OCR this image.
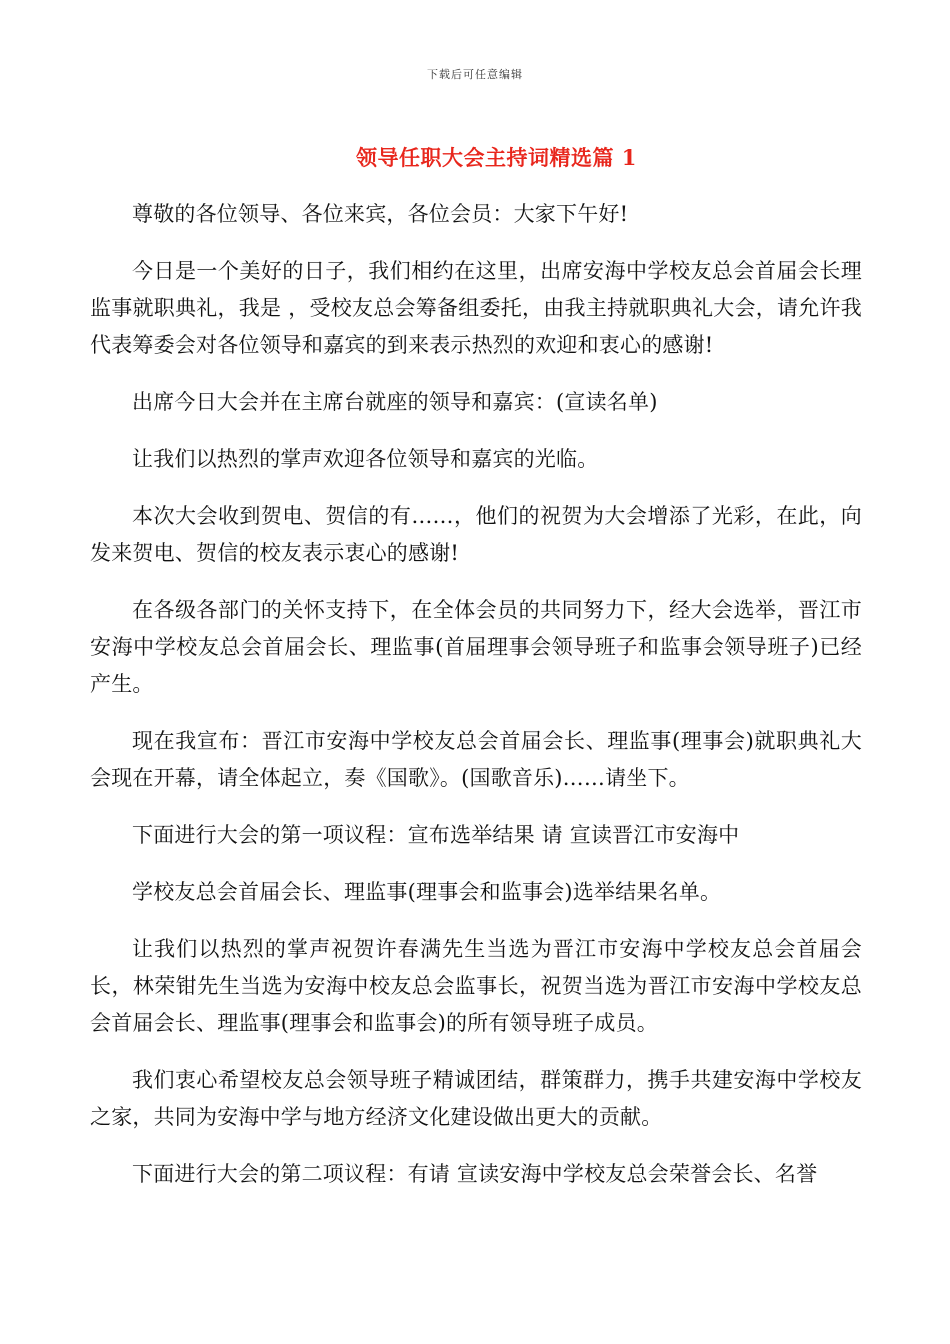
下载后可任意编辑
领导任职大会主持词精选篇 1

尊敬的各位领导、各位来宾，各位会员：大家下午好!

今日是一个美好的日子，我们相约在这里，出席安海中学校友总会首届会长理监事就职典礼，我是 ，受校友总会筹备组委托，由我主持就职典礼大会，请允许我代表筹委会对各位领导和嘉宾的到来表示热烈的欢迎和衷心的感谢!

出席今日大会并在主席台就座的领导和嘉宾：(宣读名单)

让我们以热烈的掌声欢迎各位领导和嘉宾的光临。

本次大会收到贺电、贺信的有……，他们的祝贺为大会增添了光彩，在此，向发来贺电、贺信的校友表示衷心的感谢!

在各级各部门的关怀支持下，在全体会员的共同努力下，经大会选举，晋江市安海中学校友总会首届会长、理监事(首届理事会领导班子和监事会领导班子)已经产生。

现在我宣布：晋江市安海中学校友总会首届会长、理监事(理事会)就职典礼大会现在开幕，请全体起立，奏《国歌》。(国歌音乐)……请坐下。

下面进行大会的第一项议程：宣布选举结果 请 宣读晋江市安海中

学校友总会首届会长、理监事(理事会和监事会)选举结果名单。

让我们以热烈的掌声祝贺许春满先生当选为晋江市安海中学校友总会首届会长，林荣钳先生当选为安海中校友总会监事长，祝贺当选为晋江市安海中学校友总会首届会长、理监事(理事会和监事会)的所有领导班子成员。

我们衷心希望校友总会领导班子精诚团结，群策群力，携手共建安海中学校友之家，共同为安海中学与地方经济文化建设做出更大的贡献。

下面进行大会的第二项议程：有请 宣读安海中学校友总会荣誉会长、名誉
